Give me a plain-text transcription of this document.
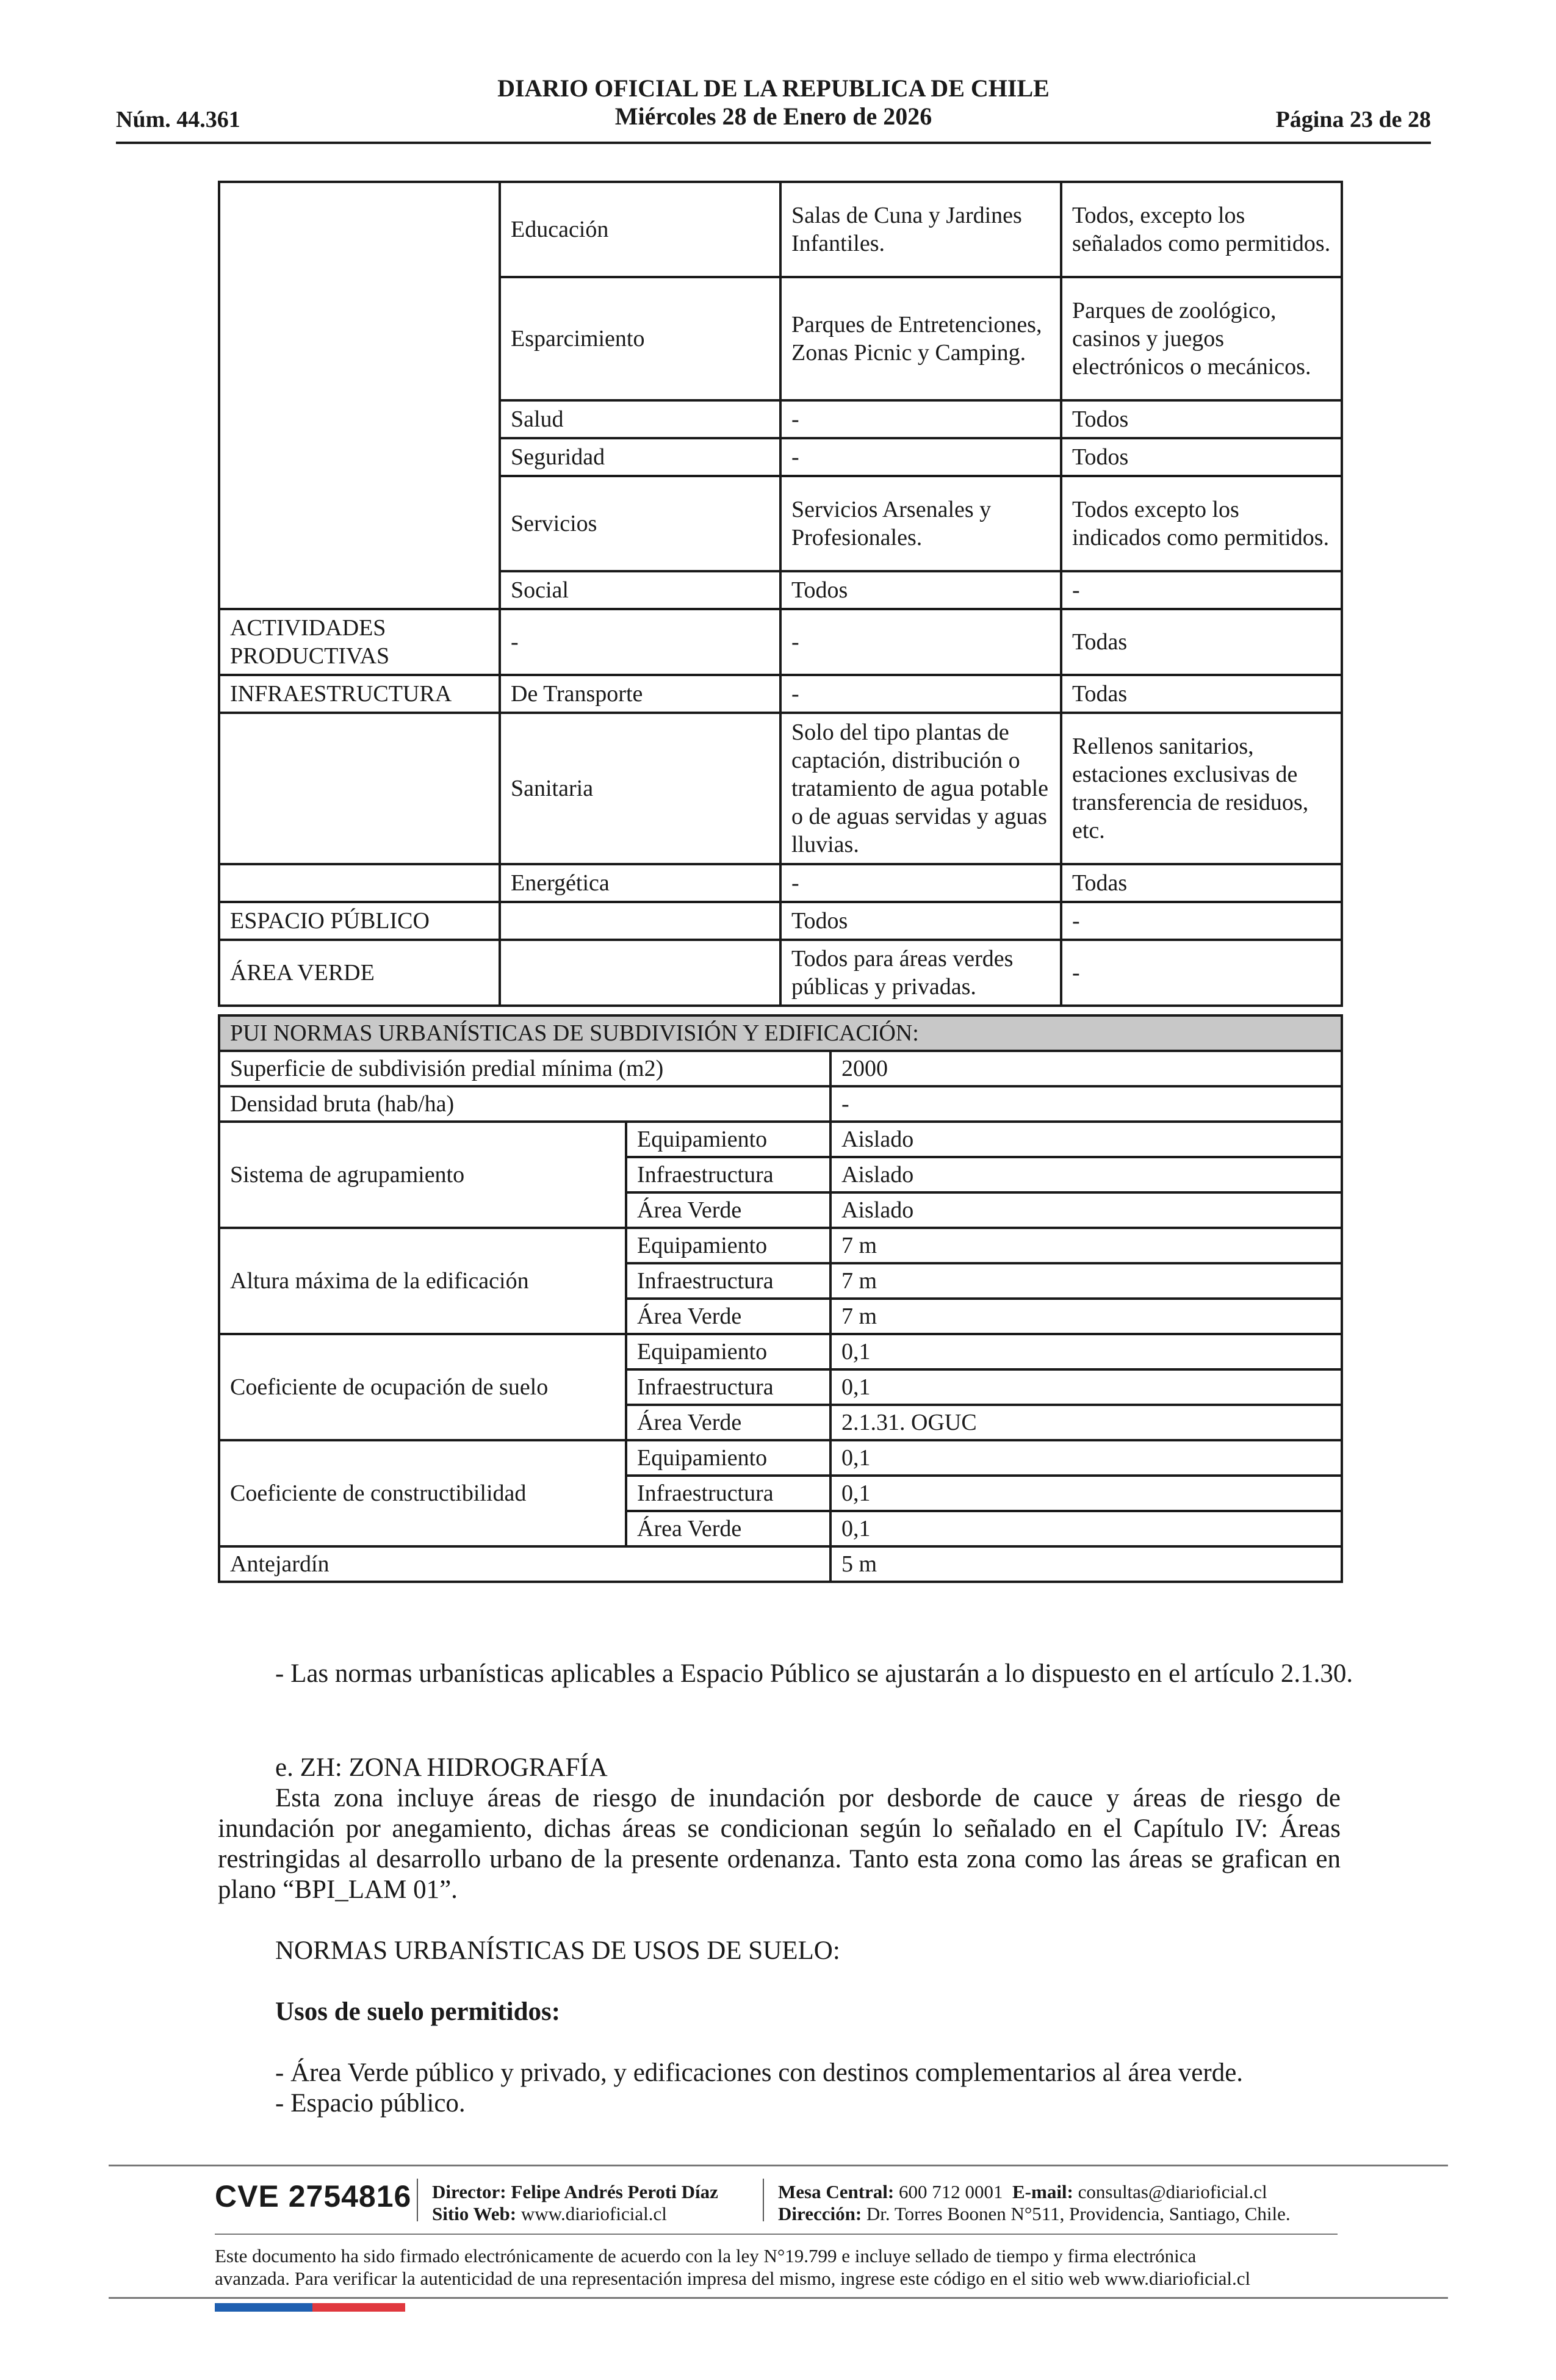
DIARIO OFICIAL DE LA REPUBLICA DE CHILE
Miércoles 28 de Enero de 2026
Núm. 44.361	Página 23 de 28
	Educación	Salas de Cuna y Jardines Infantiles.	Todos, excepto los señalados como permitidos.
	Esparcimiento	Parques de Entretenciones, Zonas Picnic y Camping.	Parques de zoológico, casinos y juegos electrónicos o mecánicos.
	Salud	-	Todos
	Seguridad	-	Todos
	Servicios	Servicios Arsenales y Profesionales.	Todos excepto los indicados como permitidos.
	Social	Todos	-
ACTIVIDADES PRODUCTIVAS	-	-	Todas
INFRAESTRUCTURA	De Transporte	-	Todas
	Sanitaria	Solo del tipo plantas de captación, distribución o tratamiento de agua potable o de aguas servidas y aguas lluvias.	Rellenos sanitarios, estaciones exclusivas de transferencia de residuos, etc.
	Energética	-	Todas
ESPACIO PÚBLICO		Todos	-
ÁREA VERDE		Todos para áreas verdes públicas y privadas.	-
PUI NORMAS URBANÍSTICAS DE SUBDIVISIÓN Y EDIFICACIÓN:		
Superficie de subdivisión predial mínima (m2)		2000
Densidad bruta (hab/ha)		-
Sistema de agrupamiento	Equipamiento	Aislado
	Infraestructura	Aislado
	Área Verde	Aislado
Altura máxima de la edificación	Equipamiento	7 m
	Infraestructura	7 m
	Área Verde	7 m
Coeficiente de ocupación de suelo	Equipamiento	0,1
	Infraestructura	0,1
	Área Verde	2.1.31. OGUC
Coeficiente de constructibilidad	Equipamiento	0,1
	Infraestructura	0,1
	Área Verde	0,1
Antejardín		5 m
- Las normas urbanísticas aplicables a Espacio Público se ajustarán a lo dispuesto en el artículo 2.1.30.
e. ZH: ZONA HIDROGRAFÍA
Esta zona incluye áreas de riesgo de inundación por desborde de cauce y áreas de riesgo de inundación por anegamiento, dichas áreas se condicionan según lo señalado en el Capítulo IV: Áreas restringidas al desarrollo urbano de la presente ordenanza. Tanto esta zona como las áreas se grafican en plano “BPI_LAM 01”.
NORMAS URBANÍSTICAS DE USOS DE SUELO:
Usos de suelo permitidos:
- Área Verde público y privado, y edificaciones con destinos complementarios al área verde.
- Espacio público.
CVE 2754816 Director: Felipe Andrés Peroti Díaz
Sitio Web: www.diarioficial.cl
Mesa Central: 600 712 0001 E-mail: consultas@diarioficial.cl
Dirección: Dr. Torres Boonen N°511, Providencia, Santiago, Chile.
Este documento ha sido firmado electrónicamente de acuerdo con la ley N°19.799 e incluye sellado de tiempo y firma electrónica
avanzada. Para verificar la autenticidad de una representación impresa del mismo, ingrese este código en el sitio web www.diarioficial.cl
